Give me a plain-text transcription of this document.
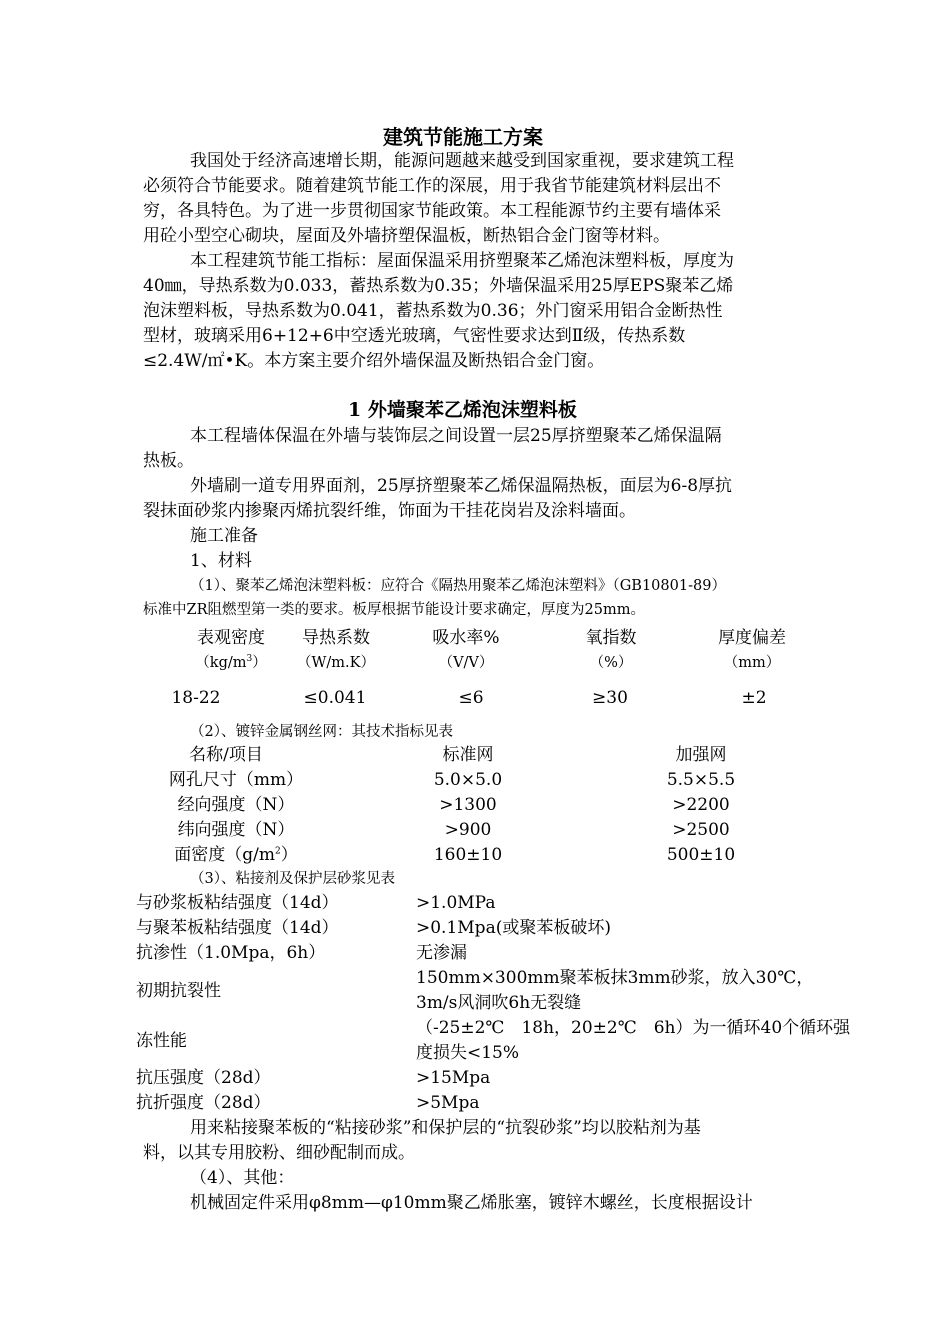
建筑节能施工方案
我国处于经济高速增长期，能源问题越来越受到国家重视，要求建筑工程
必须符合节能要求。随着建筑节能工作的深展，用于我省节能建筑材料层出不
穷，各具特色。为了进一步贯彻国家节能政策。本工程能源节约主要有墙体采
用砼小型空心砌块，屋面及外墙挤塑保温板，断热铝合金门窗等材料。
本工程建筑节能工指标：屋面保温采用挤塑聚苯乙烯泡沫塑料板，厚度为
40㎜，导热系数为0.033，蓄热系数为0.35；外墙保温采用25厚EPS聚苯乙烯
泡沫塑料板，导热系数为0.041，蓄热系数为0.36；外门窗采用铝合金断热性
型材，玻璃采用6+12+6中空透光玻璃，气密性要求达到Ⅱ级，传热系数
≤2.4W/㎡•K。本方案主要介绍外墙保温及断热铝合金门窗。
1 外墙聚苯乙烯泡沫塑料板
本工程墙体保温在外墙与装饰层之间设置一层25厚挤塑聚苯乙烯保温隔
热板。
外墙刷一道专用界面剂，25厚挤塑聚苯乙烯保温隔热板，面层为6-8厚抗
裂抹面砂浆内掺聚丙烯抗裂纤维，饰面为干挂花岗岩及涂料墙面。
施工准备
1、材料
（1）、聚苯乙烯泡沫塑料板：应符合《隔热用聚苯乙烯泡沫塑料》（GB10801-89）
标准中ZR阻燃型第一类的要求。板厚根据节能设计要求确定，厚度为25mm。
表观密度	导热系数	吸水率%	氧指数	厚度偏差
$(kg/m^3)$	（W/m.K）	（V/V）	（%）	（mm）
18-22	≤0.041	≤6	≥30	±2
（2）、镀锌金属钢丝网：其技术指标见表
名称/项目	标准网	加强网
网孔尺寸（mm）	5.0×5.0	5.5×5.5
经向强度（N）	>1300	>2200
纬向强度（N）	>900	>2500
面密度$(g/m^2)$	160±10	500±10
（3）、粘接剂及保护层砂浆见表
与砂浆板粘结强度（14d）	>1.0MPa
与聚苯板粘结强度（14d）	>0.1Mpa(或聚苯板破坏)
抗渗性（1.0Mpa，6h）	无渗漏
初期抗裂性
150mm×300mm聚苯板抹3mm砂浆，放入30℃，
3m/s风洞吹6h无裂缝
冻性能
（-25±2℃　18h，20±2℃　6h）为一循环40个循环强
度损失<15%
抗压强度（28d）	>15Mpa
抗折强度（28d）	>5Mpa
用来粘接聚苯板的“粘接砂浆”和保护层的“抗裂砂浆”均以胶粘剂为基
料，以其专用胶粉、细砂配制而成。
（4）、其他：
机械固定件采用φ8mm—φ10mm聚乙烯胀塞，镀锌木螺丝，长度根据设计
